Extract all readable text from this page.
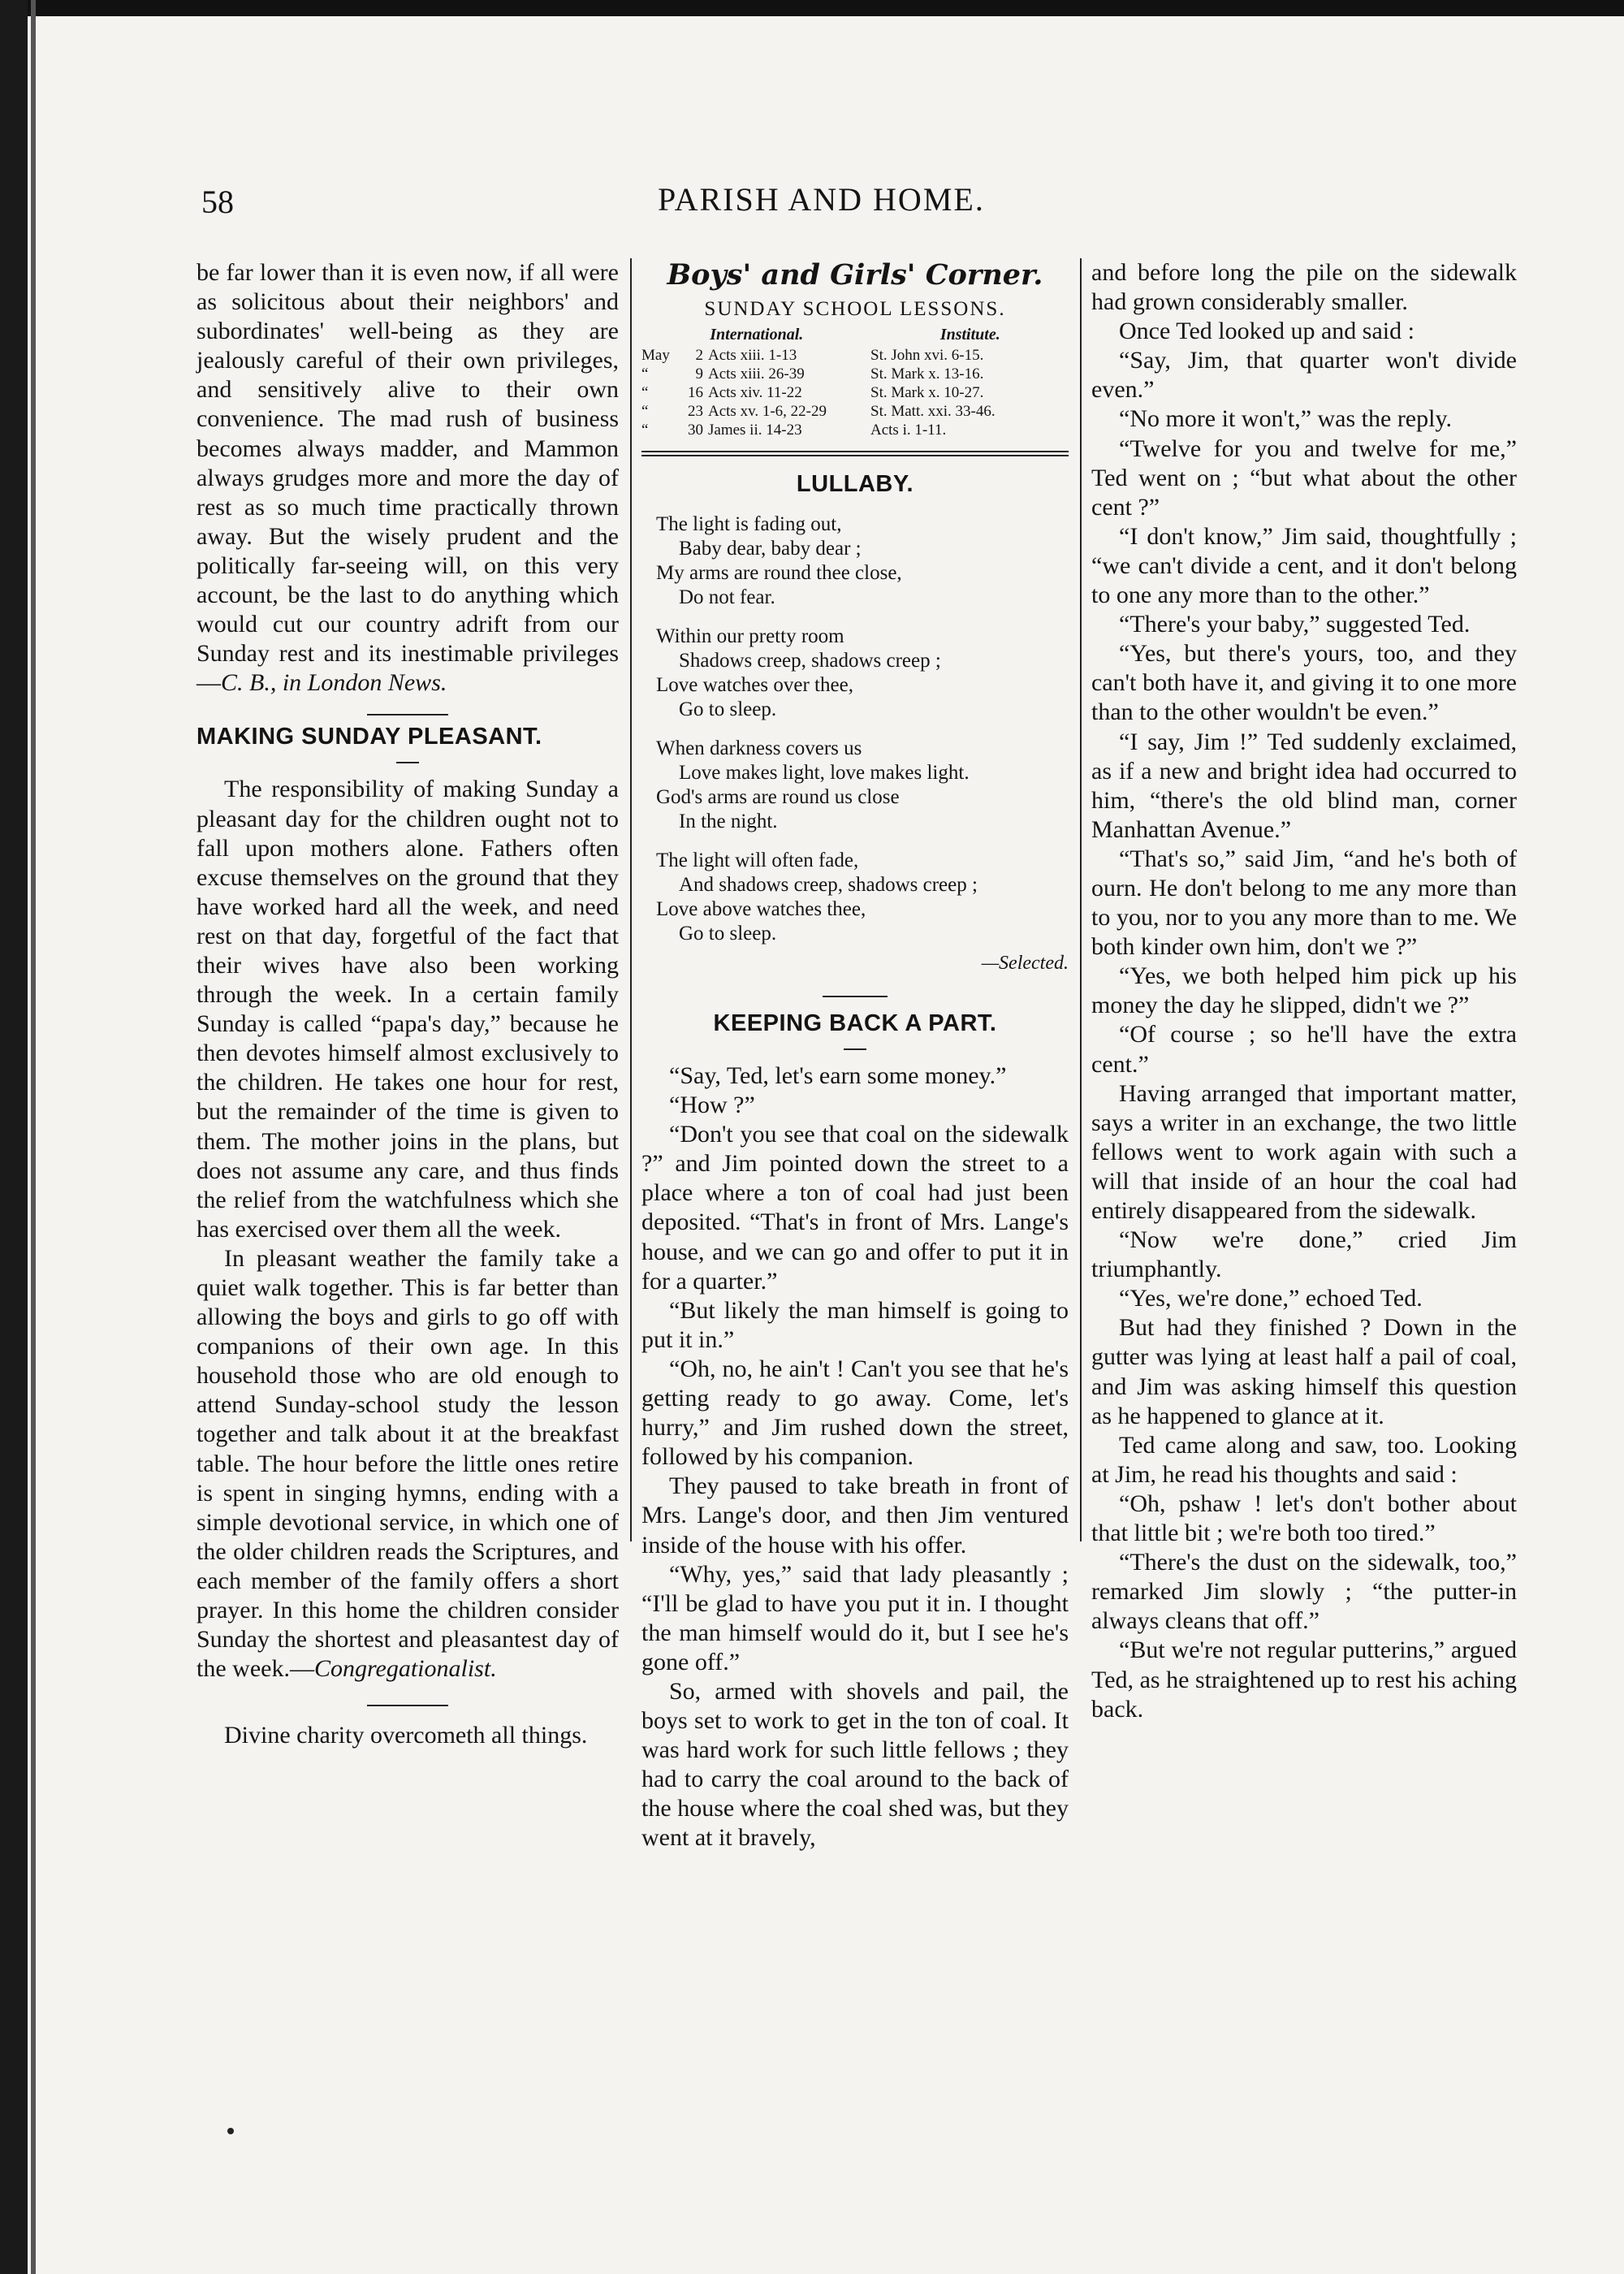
58	PARISH AND HOME.

be far lower than it is even now, if all were as solicitous about their neighbors' and subordinates' well-being as they are jealously careful of their own privileges, and sensitively alive to their own convenience. The mad rush of business becomes always madder, and Mammon always grudges more and more the day of rest as so much time practically thrown away. But the wisely prudent and the politically far-seeing will, on this very account, be the last to do anything which would cut our country adrift from our Sunday rest and its inestimable privileges—C. B., in London News.

MAKING SUNDAY PLEASANT.

The responsibility of making Sunday a pleasant day for the children ought not to fall upon mothers alone. Fathers often excuse themselves on the ground that they have worked hard all the week, and need rest on that day, forgetful of the fact that their wives have also been working through the week. In a certain family Sunday is called “papa's day,” because he then devotes himself almost exclusively to the children. He takes one hour for rest, but the remainder of the time is given to them. The mother joins in the plans, but does not assume any care, and thus finds the relief from the watchfulness which she has exercised over them all the week.

In pleasant weather the family take a quiet walk together. This is far better than allowing the boys and girls to go off with companions of their own age. In this household those who are old enough to attend Sunday-school study the lesson together and talk about it at the breakfast table. The hour before the little ones retire is spent in singing hymns, ending with a simple devotional service, in which one of the older children reads the Scriptures, and each member of the family offers a short prayer. In this home the children consider Sunday the shortest and pleasantest day of the week.—Congregationalist.

Divine charity overcometh all things.

Boys' and Girls' Corner.
SUNDAY SCHOOL LESSONS.
International.	Institute.
May	2	Acts xiii. 1-13	St. John xvi. 6-15.
“	9	Acts xiii. 26-39	St. Mark x. 13-16.
“	16	Acts xiv. 11-22	St. Mark x. 10-27.
“	23	Acts xv. 1-6, 22-29	St. Matt. xxi. 33-46.
“	30	James ii. 14-23	Acts i. 1-11.
LULLABY.
The light is fading out,
Baby dear, baby dear ;
My arms are round thee close,
Do not fear.
Within our pretty room
Shadows creep, shadows creep ;
Love watches over thee,
Go to sleep.
When darkness covers us
Love makes light, love makes light.
God's arms are round us close
In the night.
The light will often fade,
And shadows creep, shadows creep ;
Love above watches thee,
Go to sleep.
—Selected.
KEEPING BACK A PART.

“Say, Ted, let's earn some money.”

“How ?”

“Don't you see that coal on the sidewalk ?” and Jim pointed down the street to a place where a ton of coal had just been deposited. “That's in front of Mrs. Lange's house, and we can go and offer to put it in for a quarter.”

“But likely the man himself is going to put it in.”

“Oh, no, he ain't ! Can't you see that he's getting ready to go away. Come, let's hurry,” and Jim rushed down the street, followed by his companion.

They paused to take breath in front of Mrs. Lange's door, and then Jim ventured inside of the house with his offer.

“Why, yes,” said that lady pleasantly ; “I'll be glad to have you put it in. I thought the man himself would do it, but I see he's gone off.”

So, armed with shovels and pail, the boys set to work to get in the ton of coal. It was hard work for such little fellows ; they had to carry the coal around to the back of the house where the coal shed was, but they went at it bravely,

and before long the pile on the sidewalk had grown considerably smaller.

Once Ted looked up and said :

“Say, Jim, that quarter won't divide even.”

“No more it won't,” was the reply.

“Twelve for you and twelve for me,” Ted went on ; “but what about the other cent ?”

“I don't know,” Jim said, thoughtfully ; “we can't divide a cent, and it don't belong to one any more than to the other.”

“There's your baby,” suggested Ted.

“Yes, but there's yours, too, and they can't both have it, and giving it to one more than to the other wouldn't be even.”

“I say, Jim !” Ted suddenly exclaimed, as if a new and bright idea had occurred to him, “there's the old blind man, corner Manhattan Avenue.”

“That's so,” said Jim, “and he's both of ourn. He don't belong to me any more than to you, nor to you any more than to me. We both kinder own him, don't we ?”

“Yes, we both helped him pick up his money the day he slipped, didn't we ?”

“Of course ; so he'll have the extra cent.”

Having arranged that important matter, says a writer in an exchange, the two little fellows went to work again with such a will that inside of an hour the coal had entirely disappeared from the sidewalk.

“Now we're done,” cried Jim triumphantly.

“Yes, we're done,” echoed Ted.

But had they finished ? Down in the gutter was lying at least half a pail of coal, and Jim was asking himself this question as he happened to glance at it.

Ted came along and saw, too. Looking at Jim, he read his thoughts and said :

“Oh, pshaw ! let's don't bother about that little bit ; we're both too tired.”

“There's the dust on the sidewalk, too,” remarked Jim slowly ; “the putter-in always cleans that off.”

“But we're not regular putterins,” argued Ted, as he straightened up to rest his aching back.
